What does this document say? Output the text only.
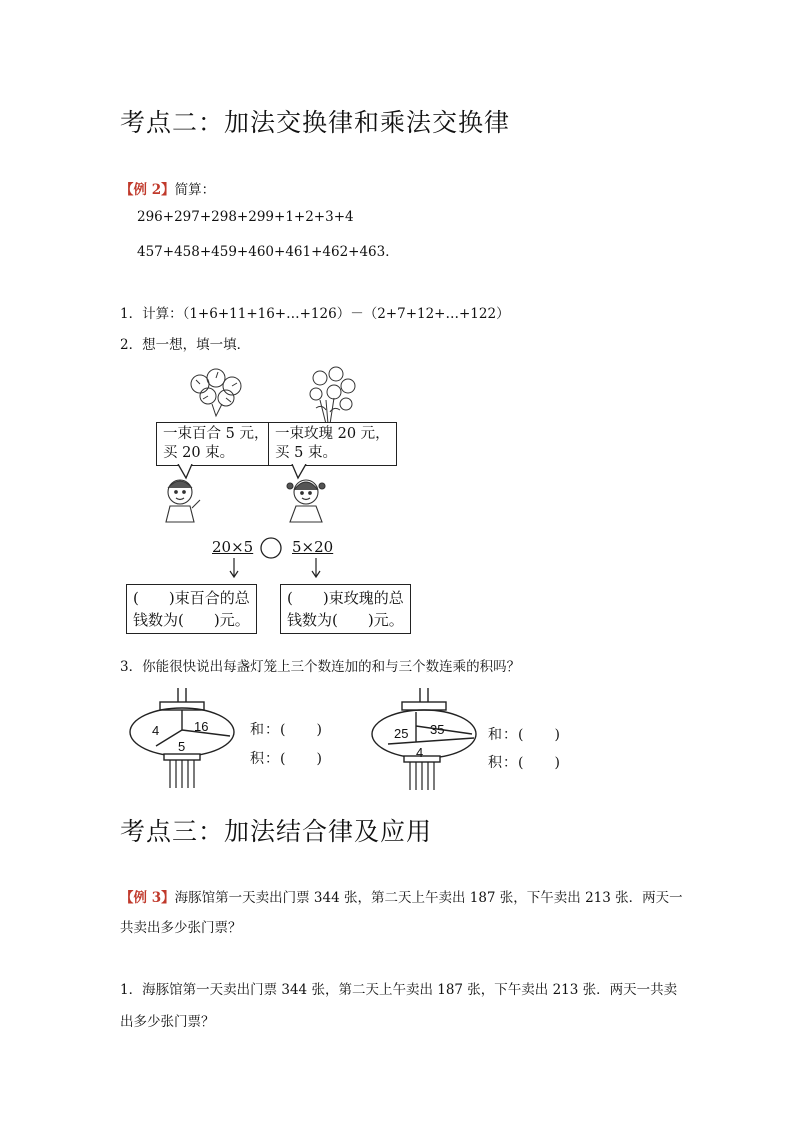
考点二：加法交换律和乘法交换律
【例 2】简算：
296+297+298+299+1+2+3+4
457+458+459+460+461+462+463．
1．计算：（1+6+11+16+…+126）－（2+7+12+…+122）
2．想一想，填一填．
一束百合 5 元，
买 20 束。
一束玫瑰 20 元，
买 5 束。
20×5	5×20
(　　)束百合的总
钱数为(　　)元。
(　　)束玫瑰的总
钱数为(　　)元。
3．你能很快说出每盏灯笼上三个数连加的和与三个数连乘的积吗？
4	16
5
和：(　　)
积：(　　)
25 35
4
和：(　　)
积：(　　)
考点三：加法结合律及应用
【例 3】海豚馆第一天卖出门票 344 张，第二天上午卖出 187 张，下午卖出 213 张．两天一
共卖出多少张门票？
1．海豚馆第一天卖出门票 344 张，第二天上午卖出 187 张，下午卖出 213 张．两天一共卖
出多少张门票？
